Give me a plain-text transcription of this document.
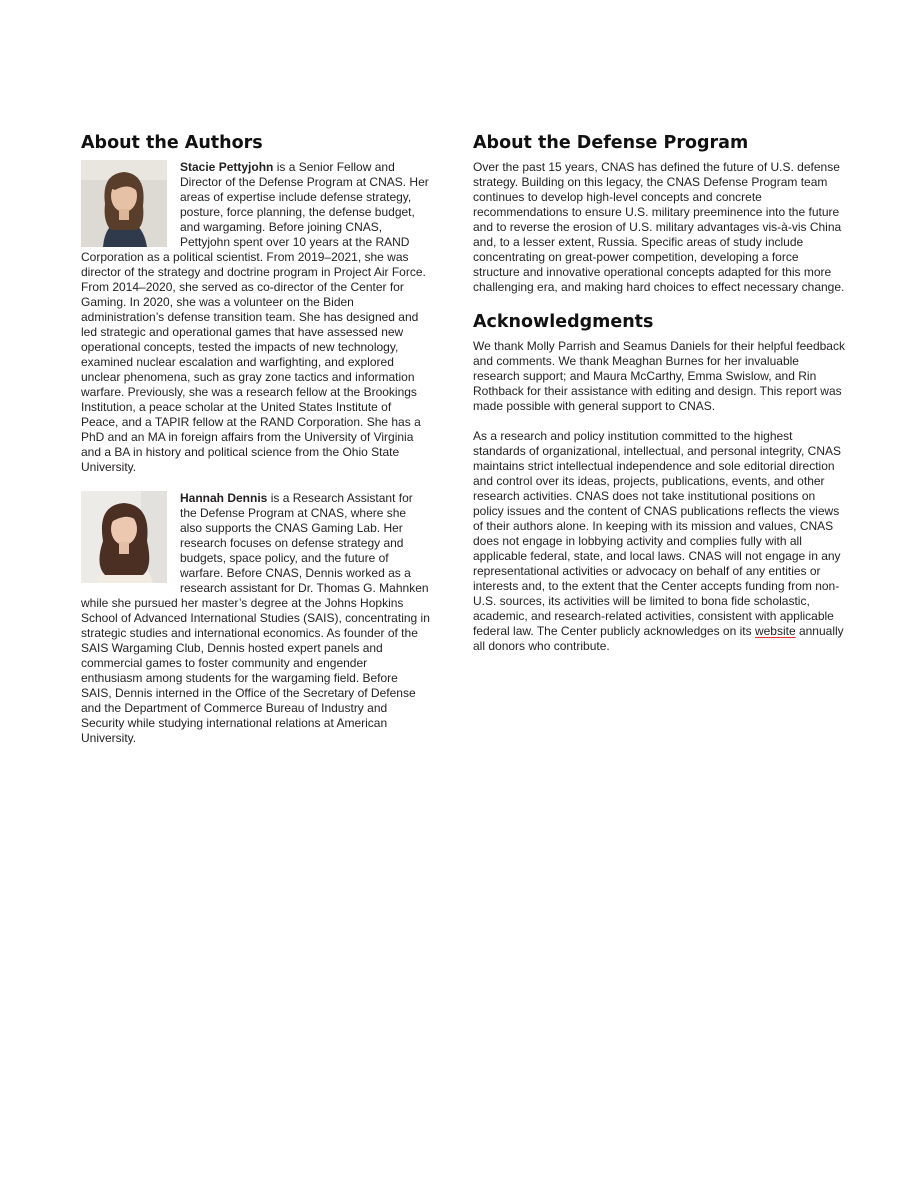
About the Authors

Stacie Pettyjohn is a Senior Fellow and Director of the Defense Program at CNAS. Her areas of expertise include defense strategy, posture, force planning, the defense budget, and wargaming. Before joining CNAS, Pettyjohn spent over 10 years at the RAND Corporation as a political scientist. From 2019–2021, she was director of the strategy and doctrine program in Project Air Force. From 2014–2020, she served as co-director of the Center for Gaming. In 2020, she was a volunteer on the Biden administration’s defense transition team. She has designed and led strategic and operational games that have assessed new operational concepts, tested the impacts of new technology, examined nuclear escalation and warfighting, and explored unclear phenomena, such as gray zone tactics and information warfare. Previously, she was a research fellow at the Brookings Institution, a peace scholar at the United States Institute of Peace, and a TAPIR fellow at the RAND Corporation. She has a PhD and an MA in foreign affairs from the University of Virginia and a BA in history and political science from the Ohio State University.

Hannah Dennis is a Research Assistant for the Defense Program at CNAS, where she also supports the CNAS Gaming Lab. Her research focuses on defense strategy and budgets, space policy, and the future of warfare. Before CNAS, Dennis worked as a research assistant for Dr. Thomas G. Mahnken while she pursued her master’s degree at the Johns Hopkins School of Advanced International Studies (SAIS), concentrating in strategic studies and international economics. As founder of the SAIS Wargaming Club, Dennis hosted expert panels and commercial games to foster community and engender enthusiasm among students for the wargaming field. Before SAIS, Dennis interned in the Office of the Secretary of Defense and the Department of Commerce Bureau of Industry and Security while studying international relations at American University.

About the Defense Program

Over the past 15 years, CNAS has defined the future of U.S. defense strategy. Building on this legacy, the CNAS Defense Program team continues to develop high-level concepts and concrete recommendations to ensure U.S. military preeminence into the future and to reverse the erosion of U.S. military advantages vis-à-vis China and, to a lesser extent, Russia. Specific areas of study include concentrating on great-power competition, developing a force structure and innovative operational concepts adapted for this more challenging era, and making hard choices to effect necessary change.

Acknowledgments

We thank Molly Parrish and Seamus Daniels for their helpful feedback and comments. We thank Meaghan Burnes for her invaluable research support; and Maura McCarthy, Emma Swislow, and Rin Rothback for their assistance with editing and design. This report was made possible with general support to CNAS.

As a research and policy institution committed to the highest standards of organizational, intellectual, and personal integrity, CNAS maintains strict intellectual independence and sole editorial direction and control over its ideas, projects, publications, events, and other research activities. CNAS does not take institutional positions on policy issues and the content of CNAS publications reflects the views of their authors alone. In keeping with its mission and values, CNAS does not engage in lobbying activity and complies fully with all applicable federal, state, and local laws. CNAS will not engage in any representational activities or advocacy on behalf of any entities or interests and, to the extent that the Center accepts funding from non-U.S. sources, its activities will be limited to bona fide scholastic, academic, and research-related activities, consistent with applicable federal law. The Center publicly acknowledges on its website annually all donors who contribute.
